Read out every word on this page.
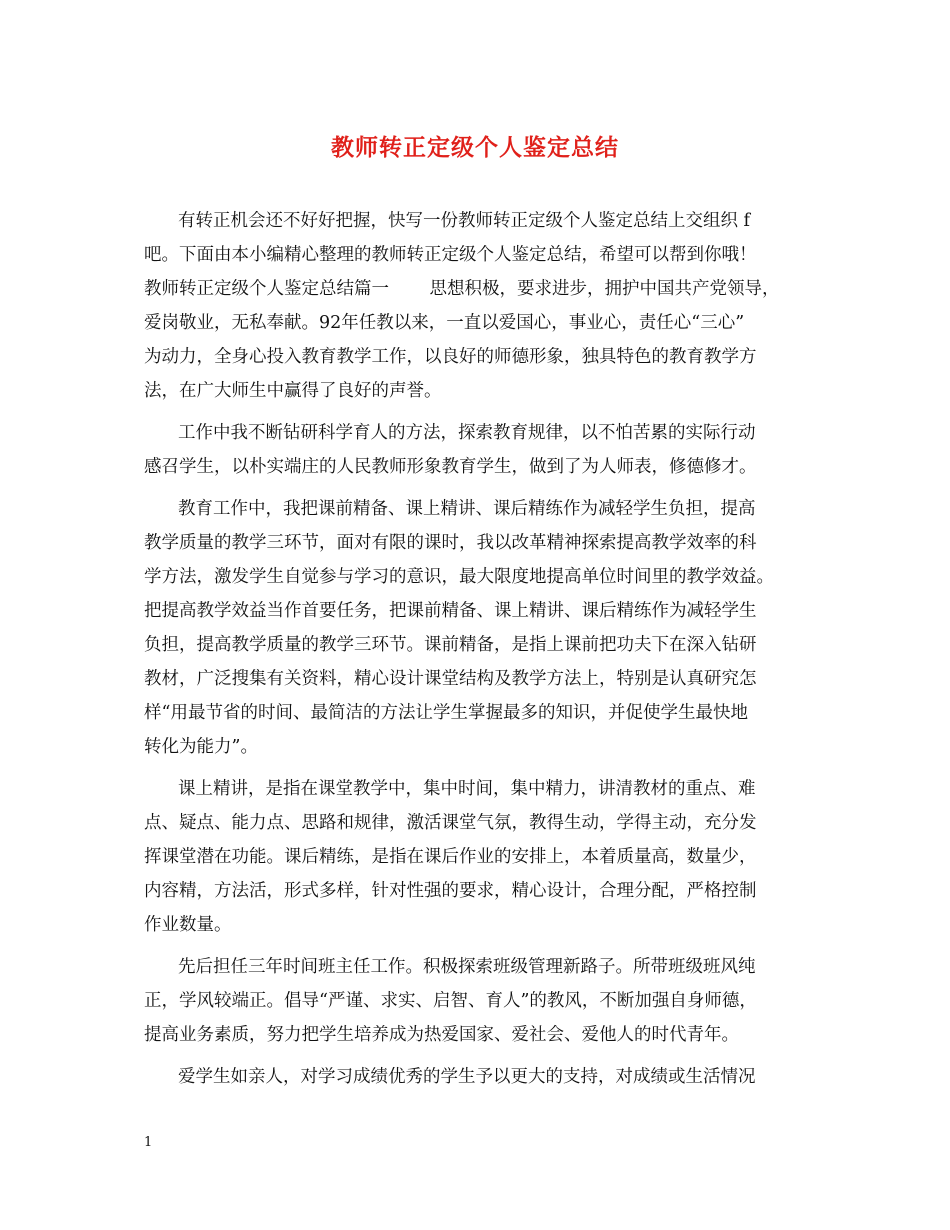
教师转正定级个人鉴定总结
有转正机会还不好好把握，快写一份教师转正定级个人鉴定总结上交组织 f
吧。下面由本小编精心整理的教师转正定级个人鉴定总结，希望可以帮到你哦！
教师转正定级个人鉴定总结篇一　　 思想积极，要求进步，拥护中国共产党领导，
爱岗敬业，无私奉献。92年任教以来，一直以爱国心，事业心，责任心“三心”
为动力，全身心投入教育教学工作，以良好的师德形象，独具特色的教育教学方
法，在广大师生中赢得了良好的声誉。
工作中我不断钻研科学育人的方法，探索教育规律，以不怕苦累的实际行动
感召学生，以朴实端庄的人民教师形象教育学生，做到了为人师表，修德修才。
教育工作中，我把课前精备、课上精讲、课后精练作为减轻学生负担，提高
教学质量的教学三环节，面对有限的课时，我以改革精神探索提高教学效率的科
学方法，激发学生自觉参与学习的意识，最大限度地提高单位时间里的教学效益。
把提高教学效益当作首要任务，把课前精备、课上精讲、课后精练作为减轻学生
负担，提高教学质量的教学三环节。课前精备，是指上课前把功夫下在深入钻研
教材，广泛搜集有关资料，精心设计课堂结构及教学方法上，特别是认真研究怎
样“用最节省的时间、最简洁的方法让学生掌握最多的知识，并促使学生最快地
转化为能力”。
课上精讲，是指在课堂教学中，集中时间，集中精力，讲清教材的重点、难
点、疑点、能力点、思路和规律，激活课堂气氛，教得生动，学得主动，充分发
挥课堂潜在功能。课后精练，是指在课后作业的安排上，本着质量高，数量少，
内容精，方法活，形式多样，针对性强的要求，精心设计，合理分配，严格控制
作业数量。
先后担任三年时间班主任工作。积极探索班级管理新路子。所带班级班风纯
正，学风较端正。倡导“严谨、求实、启智、育人”的教风，不断加强自身师德，
提高业务素质，努力把学生培养成为热爱国家、爱社会、爱他人的时代青年。
爱学生如亲人，对学习成绩优秀的学生予以更大的支持，对成绩或生活情况
1
